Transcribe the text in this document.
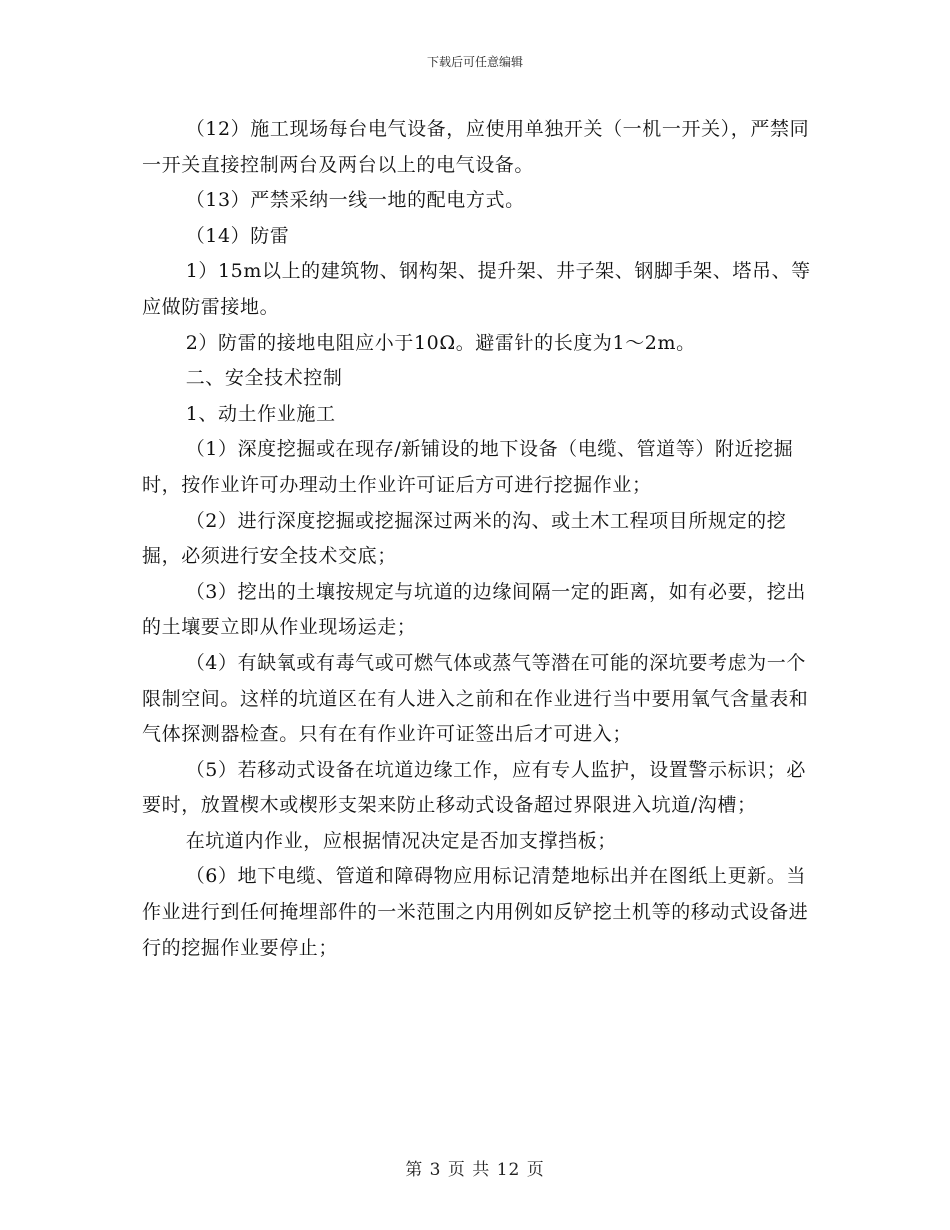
下载后可任意编辑

（12）施工现场每台电气设备，应使用单独开关（一机一开关），严禁同一开关直接控制两台及两台以上的电气设备。

（13）严禁采纳一线一地的配电方式。

（14）防雷

1）15m以上的建筑物、钢构架、提升架、井子架、钢脚手架、塔吊、等应做防雷接地。

2）防雷的接地电阻应小于10Ω。避雷针的长度为1～2m。

二、安全技术控制

1、动土作业施工

（1）深度挖掘或在现存/新铺设的地下设备（电缆、管道等）附近挖掘时，按作业许可办理动土作业许可证后方可进行挖掘作业；

（2）进行深度挖掘或挖掘深过两米的沟、或土木工程项目所规定的挖掘，必须进行安全技术交底；

（3）挖出的土壤按规定与坑道的边缘间隔一定的距离，如有必要，挖出的土壤要立即从作业现场运走；

（4）有缺氧或有毒气或可燃气体或蒸气等潜在可能的深坑要考虑为一个限制空间。这样的坑道区在有人进入之前和在作业进行当中要用氧气含量表和气体探测器检查。只有在有作业许可证签出后才可进入；

（5）若移动式设备在坑道边缘工作，应有专人监护，设置警示标识；必要时，放置楔木或楔形支架来防止移动式设备超过界限进入坑道/沟槽；

在坑道内作业，应根据情况决定是否加支撑挡板；

（6）地下电缆、管道和障碍物应用标记清楚地标出并在图纸上更新。当作业进行到任何掩埋部件的一米范围之内用例如反铲挖土机等的移动式设备进行的挖掘作业要停止；

第 3 页 共 12 页
